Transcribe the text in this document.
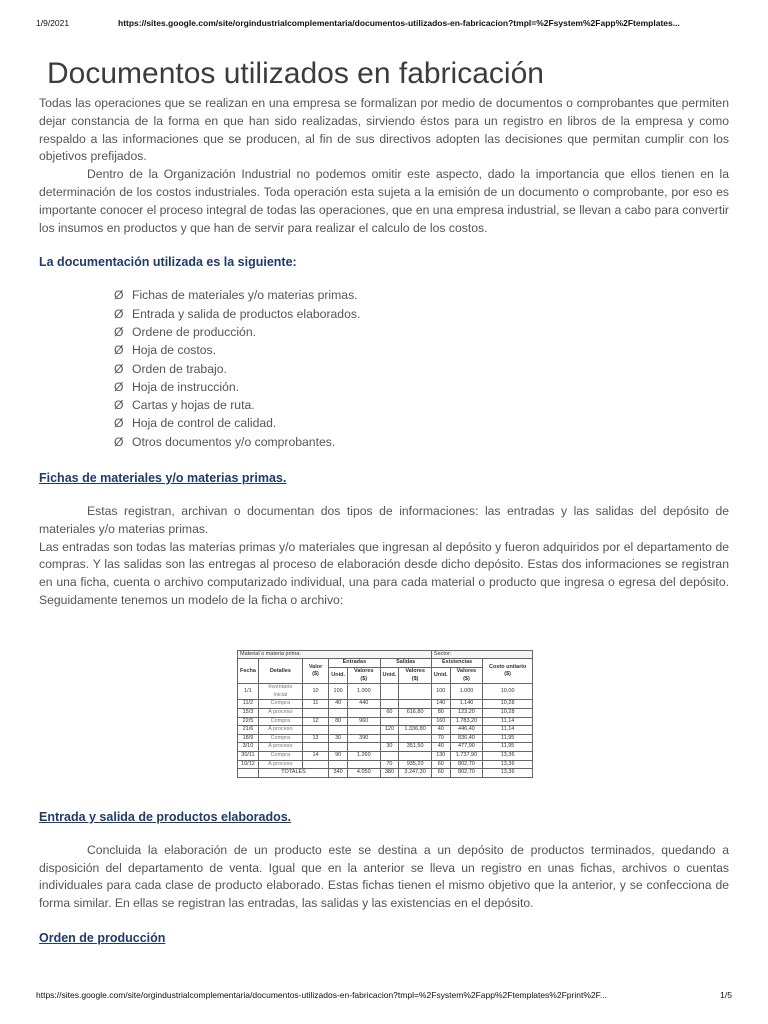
1/9/2021	https://sites.google.com/site/orgindustrialcomplementaria/documentos-utilizados-en-fabricacion?tmpl=%2Fsystem%2Fapp%2Ftemplates...
Documentos utilizados en fabricación

Todas las operaciones que se realizan en una empresa se formalizan por medio de documentos o comprobantes que permiten dejar constancia de la forma en que han sido realizadas, sirviendo éstos para un registro en libros de la empresa y como respaldo a las informaciones que se producen, al fin de sus directivos adopten las decisiones que permitan cumplir con los objetivos prefijados.

Dentro de la Organización Industrial no podemos omitir este aspecto, dado la importancia que ellos tienen en la determinación de los costos industriales. Toda operación esta sujeta a la emisión de un documento o comprobante, por eso es importante conocer el proceso integral de todas las operaciones, que en una empresa industrial, se llevan a cabo para convertir los insumos en productos y que han de servir para realizar el calculo de los costos.

La documentación utilizada es la siguiente:
Ø Fichas de materiales y/o materias primas.
Ø Entrada y salida de productos elaborados.
Ø Ordene de producción.
Ø Hoja de costos.
Ø Orden de trabajo.
Ø Hoja de instrucción.
Ø Cartas y hojas de ruta.
Ø Hoja de control de calidad.
Ø Otros documentos y/o comprobantes.
Fichas de materiales y/o materias primas.

Estas registran, archivan o documentan dos tipos de informaciones: las entradas y las salidas del depósito de materiales y/o materias primas.

Las entradas son todas las materias primas y/o materiales que ingresan al depósito y fueron adquiridos por el departamento de compras. Y las salidas son las entregas al proceso de elaboración desde dicho depósito. Estas dos informaciones se registran en una ficha, cuenta o archivo computarizado individual, una para cada material o producto que ingresa o egresa del depósito. Seguidamente tenemos un modelo de la ficha o archivo:

Material o materia prima:							Sector:		
Fecha	Detalles	Valor ($)	Entradas		Salidas		Existencias		Costo unitario ($)
			Unid.	Valores ($)	Unid.	Valores ($)	Unid.	Valores ($)	
1/1	Inventario inicial	10	100	1.000			100	1.000	10,00
11/2	Compra	11	40	440			140	1.140	10,28
15/3	A proceso				60	616,80	80	123,20	10,28
22/5	Compra	12	80	960			160	1.783,20	11,14
21/6	A proceso				120	1.336,80	40	446,40	11,14
18/9	Compra	13	30	390			70	836,40	11,95
3/10	A proceso				30	351,50	40	477,90	11,95
30/11	Compra	14	90	1.260			130	1.737,90	13,36
10/12	A proceso				70	935,20	60	802,70	13,36
	TOTALES		340	4.050	380	3.247,30	60	802,70	13,36
Entrada y salida de productos elaborados.

Concluida la elaboración de un producto este se destina a un depósito de productos terminados, quedando a disposición del departamento de venta. Igual que en la anterior se lleva un registro en unas fichas, archivos o cuentas individuales para cada clase de producto elaborado. Estas fichas tienen el mismo objetivo que la anterior, y se confecciona de forma similar. En ellas se registran las entradas, las salidas y las existencias en el depósito.

Orden de producción
https://sites.google.com/site/orgindustrialcomplementaria/documentos-utilizados-en-fabricacion?tmpl=%2Fsystem%2Fapp%2Ftemplates%2Fprint%2F...	1/5
